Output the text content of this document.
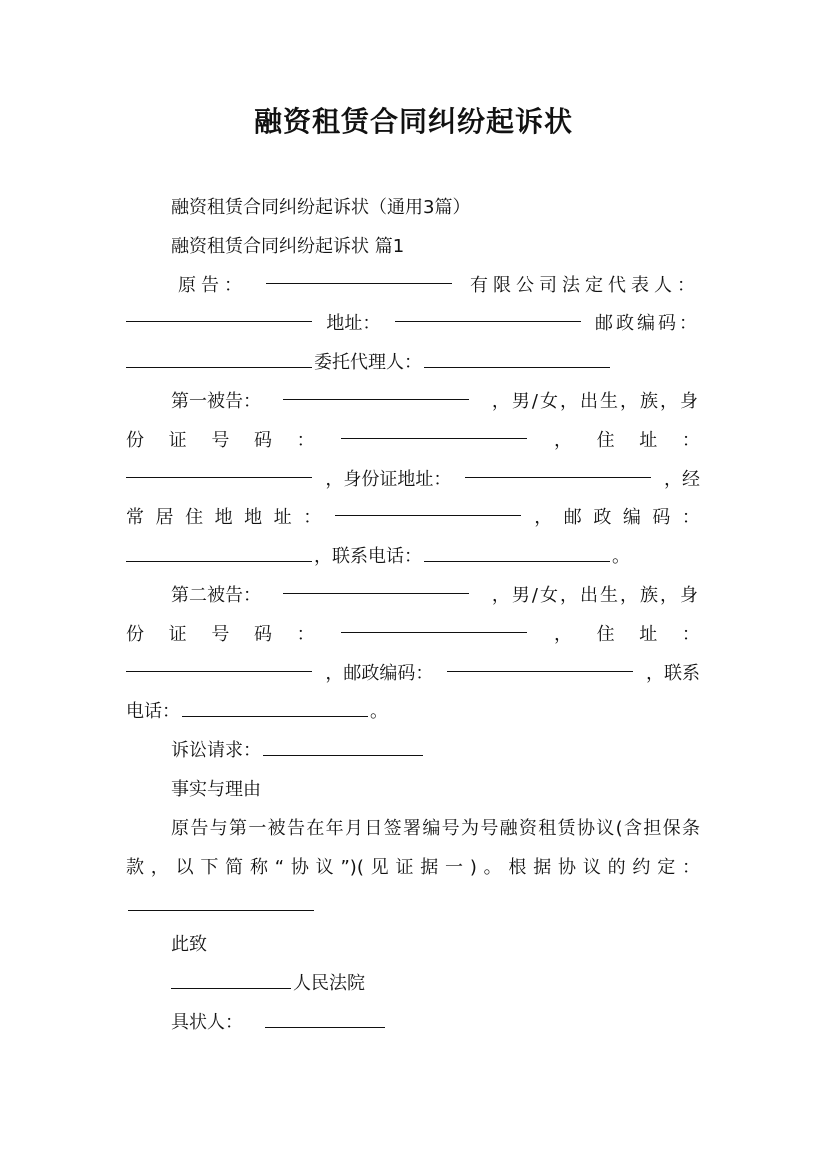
融资租赁合同纠纷起诉状

融资租赁合同纠纷起诉状（通用3篇）

融资租赁合同纠纷起诉状 篇1

原告：	有限公司法定代表人：
地址：	邮政编码：
委托代理人：
第一被告：	，男/女，出生，族，身
份 证 号 码 ：	， 住 址 ：
，身份证地址：	，经
常 居 住 地 地 址 ：	， 邮 政 编 码 ：
，联系电话：	。
第二被告：	，男/女，出生，族，身
份 证 号 码 ：	， 住 址 ：
，邮政编码：	，联系
电话：	。

诉讼请求：

事实与理由

原告与第一被告在年月日签署编号为号融资租赁协议(含担保条款，以下简称“协议”)(见证据一)。根据协议的约定：

此致

人民法院

具状人：
